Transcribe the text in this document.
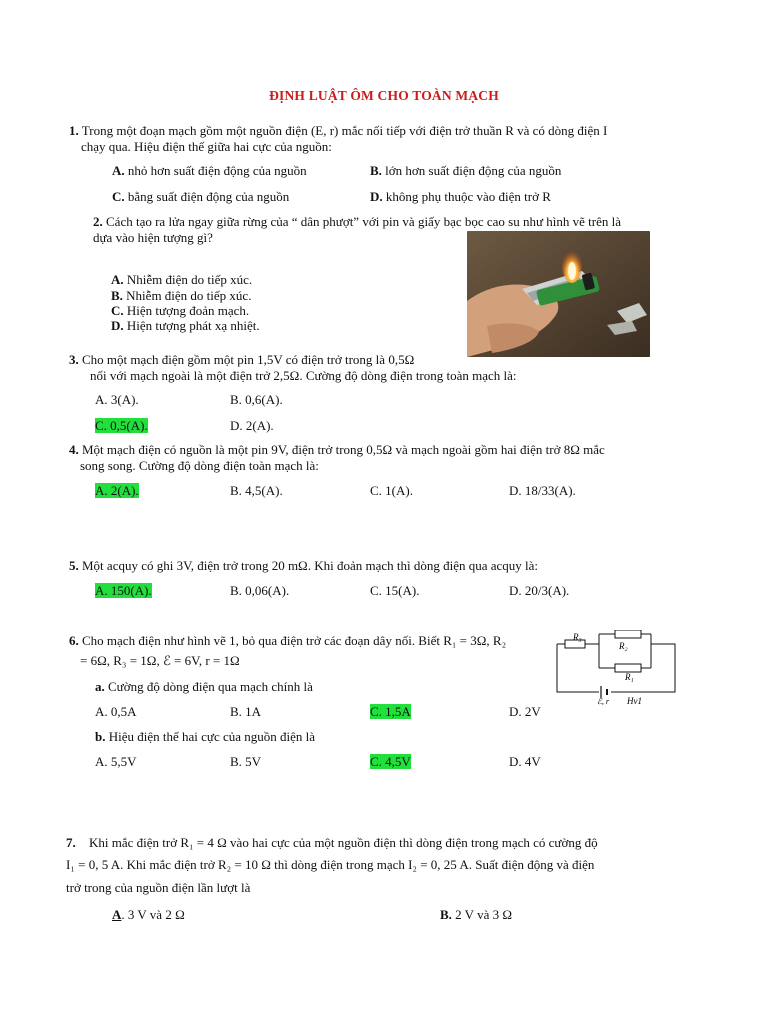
ĐỊNH LUẬT ÔM CHO TOÀN MẠCH
1. Trong một đoạn mạch gồm một nguồn điện (E, r) mắc nối tiếp với điện trở thuần R và có dòng điện I
chạy qua. Hiệu điện thế giữa hai cực của nguồn:
A. nhỏ hơn suất điện động của nguồn	B. lớn hơn suất điện động của nguồn
C. bằng suất điện động của nguồn	D. không phụ thuộc vào điện trở R
2. Cách tạo ra lửa ngay giữa rừng của “ dân phượt” với pin và giấy bạc bọc cao su như hình vẽ trên là
dựa vào hiện tượng gì?
A. Nhiễm điện do tiếp xúc.
B. Nhiễm điện do tiếp xúc.
C. Hiện tượng đoản mạch.
D. Hiện tượng phát xạ nhiệt.
3. Cho một mạch điện gồm một pin 1,5V có điện trở trong là 0,5Ω
nối với mạch ngoài là một điện trở 2,5Ω. Cường độ dòng điện trong toàn mạch là:
A. 3(A).	B. 0,6(A).
C. 0,5(A).	D. 2(A).
4. Một mạch điện có nguồn là một pin 9V, điện trở trong 0,5Ω và mạch ngoài gồm hai điện trở 8Ω mắc
song song. Cường độ dòng điện toàn mạch là:
A. 2(A).	B. 4,5(A).	C. 1(A).	D. 18/33(A).
5. Một acquy có ghi 3V, điện trở trong 20 mΩ. Khi đoản mạch thì dòng điện qua acquy là:
A. 150(A).	B. 0,06(A).	C. 15(A).	D. 20/3(A).
6. Cho mạch điện như hình vẽ 1, bỏ qua điện trở các đoạn dây nối. Biết R₁ = 3Ω, R₂
= 6Ω, R₃ = 1Ω, ℰ = 6V, r = 1Ω
a. Cường độ dòng điện qua mạch chính là
A. 0,5A	B. 1A	C. 1,5A	D. 2V
b. Hiệu điện thế hai cực của nguồn điện là
A. 5,5V	B. 5V	C. 4,5V	D. 4V
R₃
R₂
R₁
ℰ, r Hv1
7. Khi mắc điện trở R₁ = 4 Ω vào hai cực của một nguồn điện thì dòng điện trong mạch có cường độ
I₁ = 0, 5 A. Khi mắc điện trở R₂ = 10 Ω thì dòng điện trong mạch I₂ = 0, 25 A. Suất điện động và điện
trở trong của nguồn điện lần lượt là
A. 3 V và 2 Ω	B. 2 V và 3 Ω
